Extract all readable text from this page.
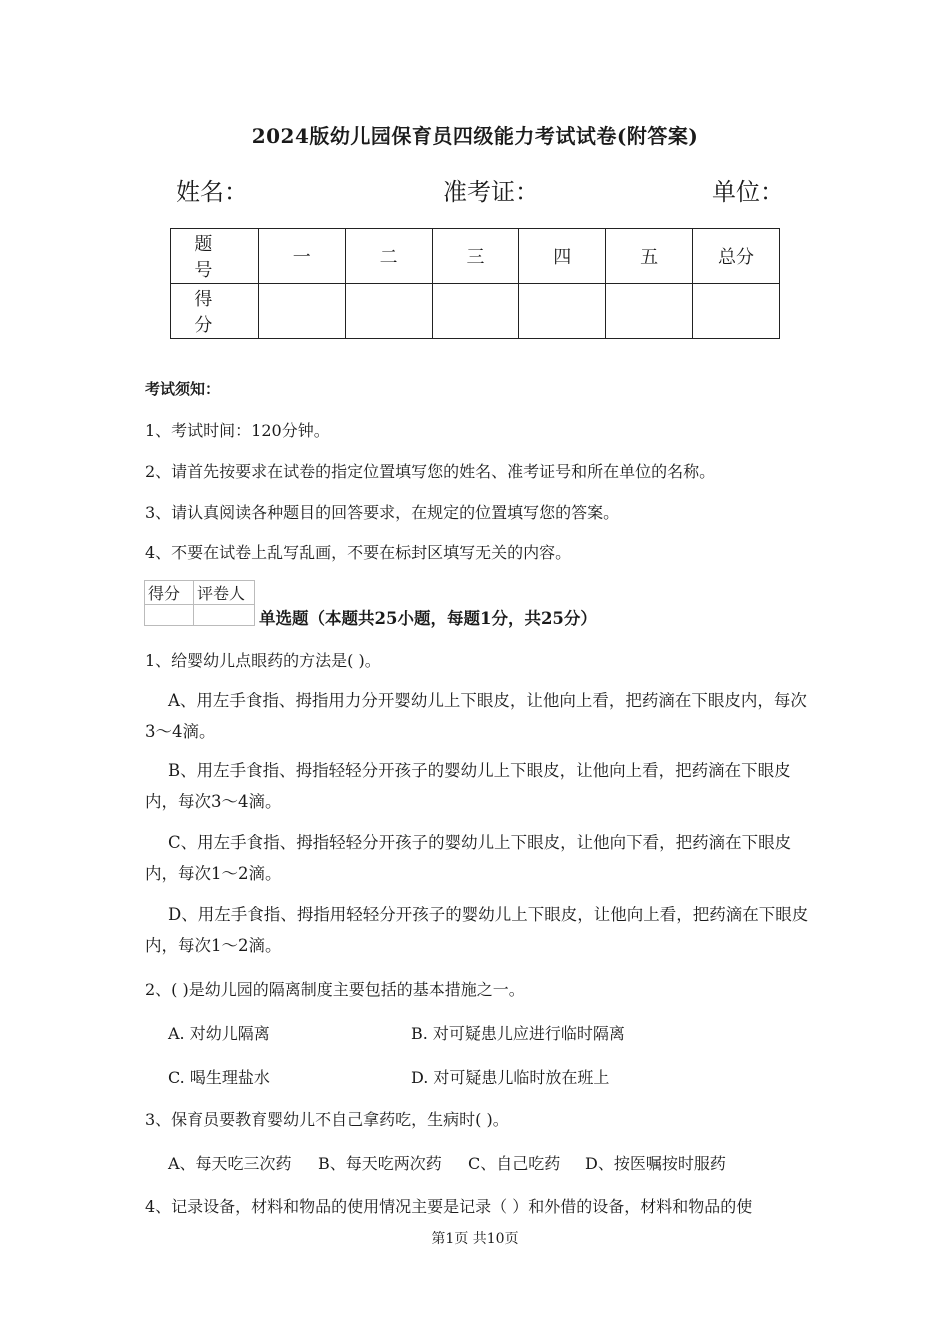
2024版幼儿园保育员四级能力考试试卷(附答案)
姓名：	准考证：	单位：
题 号	一	二	三	四	五	总分
得 分						
考试须知：
1、考试时间：120分钟。
2、请首先按要求在试卷的指定位置填写您的姓名、准考证号和所在单位的名称。
3、请认真阅读各种题目的回答要求，在规定的位置填写您的答案。
4、不要在试卷上乱写乱画，不要在标封区填写无关的内容。
得分	评卷人

单选题（本题共25小题，每题1分，共25分）
1、给婴幼儿点眼药的方法是( )。
A、用左手食指、拇指用力分开婴幼儿上下眼皮，让他向上看，把药滴在下眼皮内，每次3～4滴。
B、用左手食指、拇指轻轻分开孩子的婴幼儿上下眼皮，让他向上看，把药滴在下眼皮内，每次3～4滴。
C、用左手食指、拇指轻轻分开孩子的婴幼儿上下眼皮，让他向下看，把药滴在下眼皮内，每次1～2滴。
D、用左手食指、拇指用轻轻分开孩子的婴幼儿上下眼皮，让他向上看，把药滴在下眼皮内，每次1～2滴。
2、( )是幼儿园的隔离制度主要包括的基本措施之一。
A. 对幼儿隔离	B. 对可疑患儿应进行临时隔离
C. 喝生理盐水	D. 对可疑患儿临时放在班上
3、保育员要教育婴幼儿不自己拿药吃，生病时( )。
A、每天吃三次药 B、每天吃两次药 C、自己吃药 D、按医嘱按时服药
4、记录设备，材料和物品的使用情况主要是记录（ ）和外借的设备，材料和物品的使
第1页 共10页
